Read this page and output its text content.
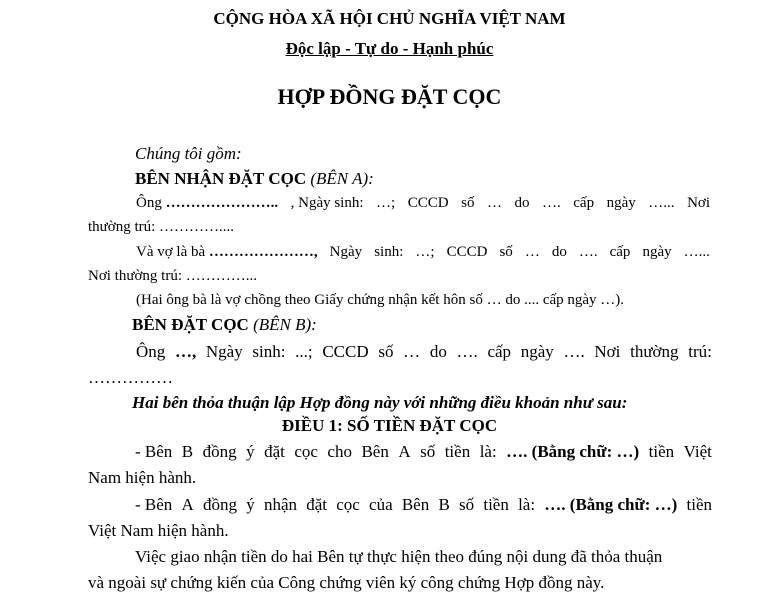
CỘNG HÒA XÃ HỘI CHỦ NGHĨA VIỆT NAM
Độc lập - Tự do - Hạnh phúc
HỢP ĐỒNG ĐẶT CỌC
Chúng tôi gồm:
BÊN NHẬN ĐẶT CỌC (BÊN A):
Ông ………………….. , Ngày sinh: …; CCCD số … do …. cấp ngày …... Nơi
thường trú: …………....
Và vợ là bà …………………, Ngày sinh: …; CCCD số … do …. cấp ngày …...
Nơi thường trú: …………...
(Hai ông bà là vợ chồng theo Giấy chứng nhận kết hôn số … do .... cấp ngày …).
BÊN ĐẶT CỌC (BÊN B):
Ông …, Ngày sinh: ...; CCCD số … do …. cấp ngày …. Nơi thường trú:
……………
Hai bên thỏa thuận lập Hợp đồng này với những điều khoản như sau:
ĐIỀU 1: SỐ TIỀN ĐẶT CỌC
- Bên B đồng ý đặt cọc cho Bên A số tiền là: …. (Bằng chữ: …) tiền Việt
Nam hiện hành.
- Bên A đồng ý nhận đặt cọc của Bên B số tiền là: …. (Bằng chữ: …) tiền
Việt Nam hiện hành.
Việc giao nhận tiền do hai Bên tự thực hiện theo đúng nội dung đã thỏa thuận
và ngoài sự chứng kiến của Công chứng viên ký công chứng Hợp đồng này.
